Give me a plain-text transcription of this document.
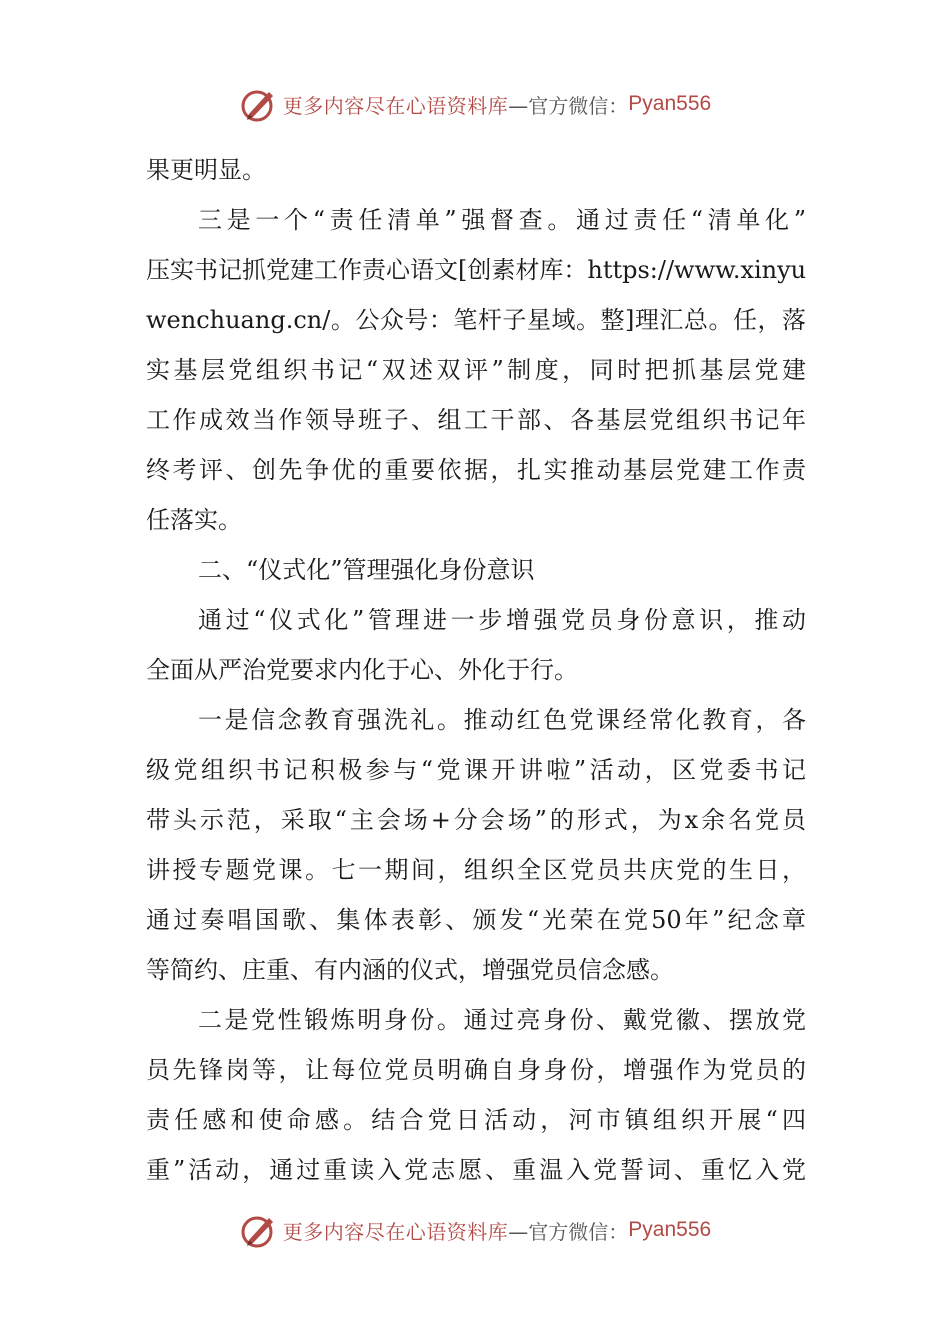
更多内容尽在心语资料库 —官方微信： Pyan556
果更明显。
三是一个“责任清单”强督查。通过责任“清单化”
压实书记抓党建工作责心语文[创素材库：https://www.xinyu
wenchuang.cn/。公众号：笔杆子星域。整]理汇总。任，落
实基层党组织书记“双述双评”制度，同时把抓基层党建
工作成效当作领导班子、组工干部、各基层党组织书记年
终考评、创先争优的重要依据，扎实推动基层党建工作责
任落实。
二、“仪式化”管理强化身份意识
通过“仪式化”管理进一步增强党员身份意识，推动
全面从严治党要求内化于心、外化于行。
一是信念教育强洗礼。推动红色党课经常化教育，各
级党组织书记积极参与“党课开讲啦”活动，区党委书记
带头示范，采取“主会场+分会场”的形式，为x余名党员
讲授专题党课。七一期间，组织全区党员共庆党的生日，
通过奏唱国歌、集体表彰、颁发“光荣在党50年”纪念章
等简约、庄重、有内涵的仪式，增强党员信念感。
二是党性锻炼明身份。通过亮身份、戴党徽、摆放党
员先锋岗等，让每位党员明确自身身份，增强作为党员的
责任感和使命感。结合党日活动，河市镇组织开展“四
重”活动，通过重读入党志愿、重温入党誓词、重忆入党
更多内容尽在心语资料库 —官方微信： Pyan556
